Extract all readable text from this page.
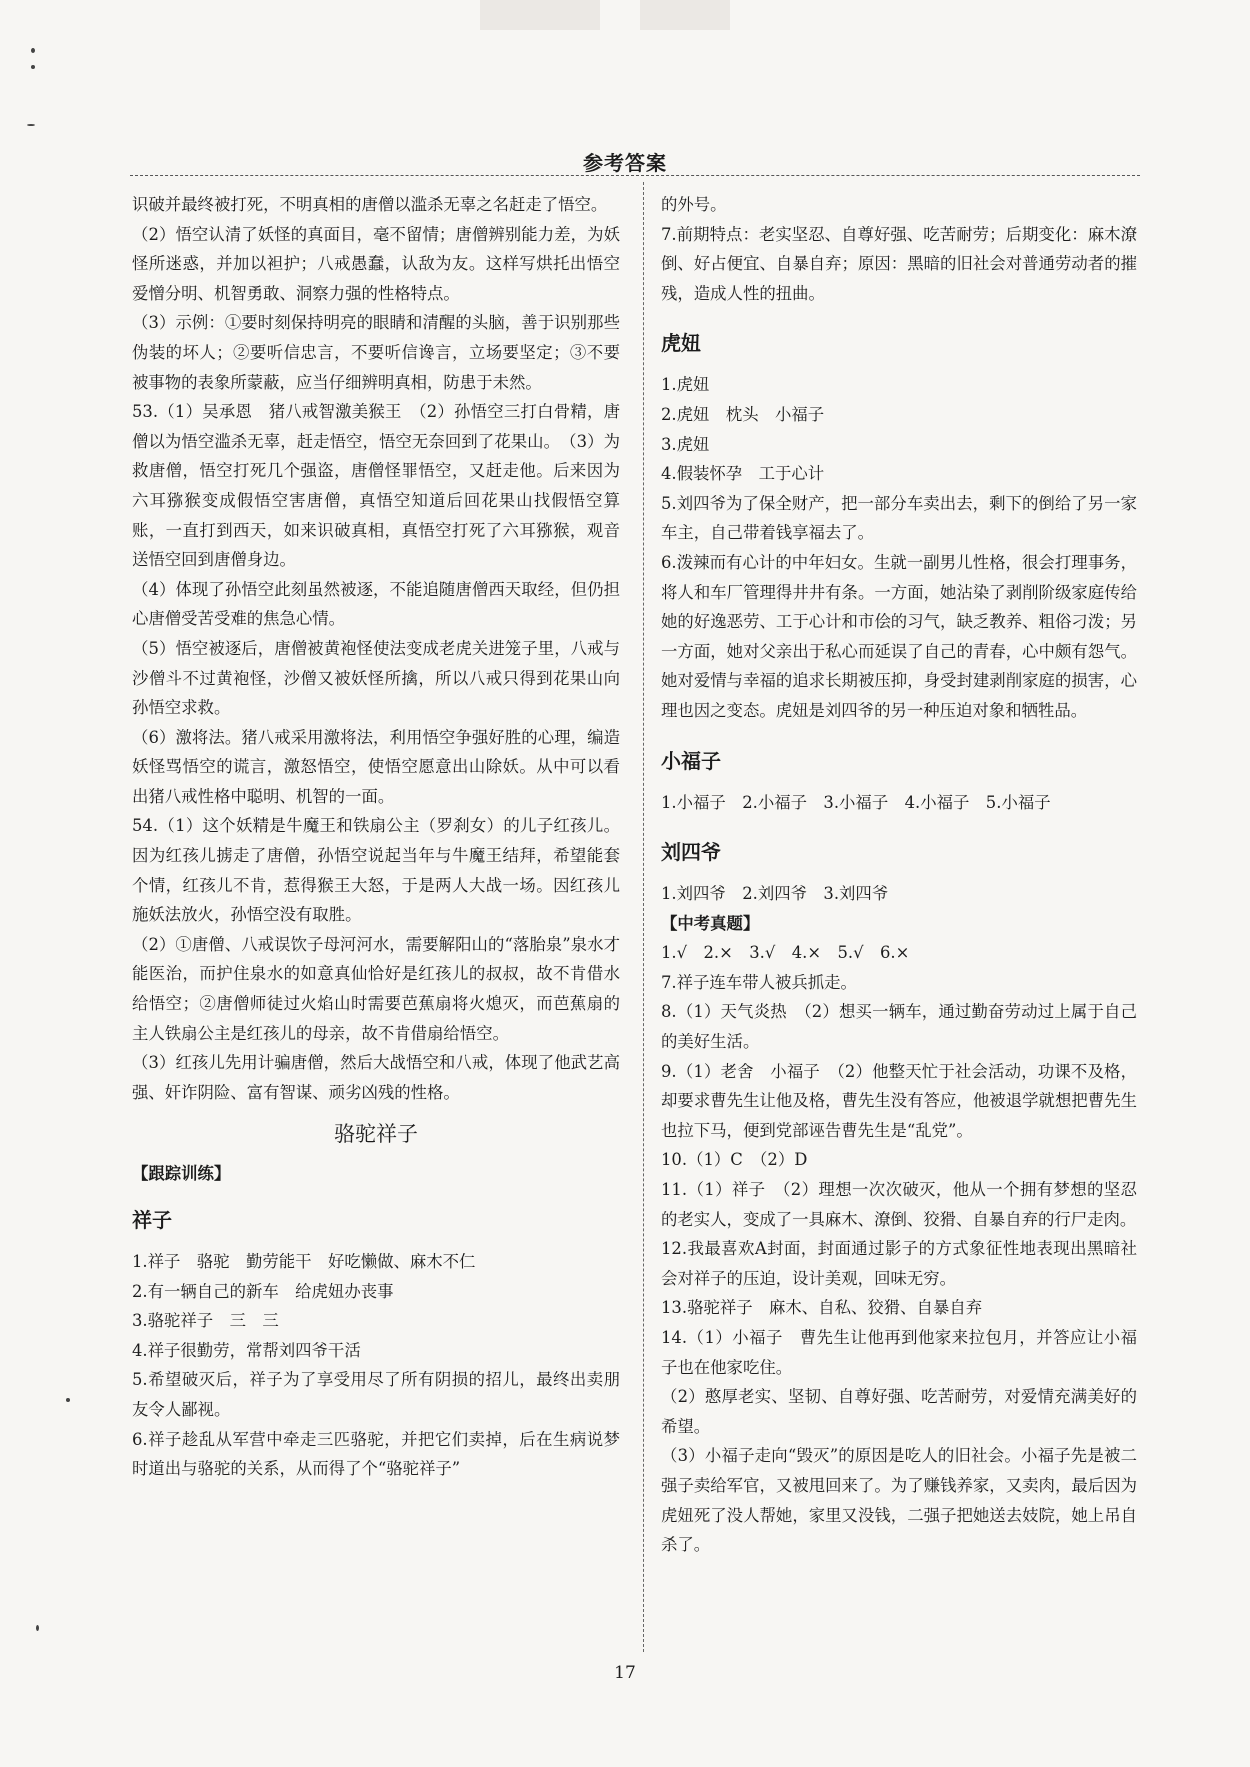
参考答案

识破并最终被打死，不明真相的唐僧以滥杀无辜之名赶走了悟空。

（2）悟空认清了妖怪的真面目，毫不留情；唐僧辨别能力差，为妖怪所迷惑，并加以袒护；八戒愚蠢，认敌为友。这样写烘托出悟空爱憎分明、机智勇敢、洞察力强的性格特点。

（3）示例：①要时刻保持明亮的眼睛和清醒的头脑，善于识别那些伪装的坏人；②要听信忠言，不要听信谗言，立场要坚定；③不要被事物的表象所蒙蔽，应当仔细辨明真相，防患于未然。

53.（1）吴承恩　猪八戒智激美猴王　（2）孙悟空三打白骨精，唐僧以为悟空滥杀无辜，赶走悟空，悟空无奈回到了花果山。　（3）为救唐僧，悟空打死几个强盗，唐僧怪罪悟空，又赶走他。后来因为六耳猕猴变成假悟空害唐僧，真悟空知道后回花果山找假悟空算账，一直打到西天，如来识破真相，真悟空打死了六耳猕猴，观音送悟空回到唐僧身边。

（4）体现了孙悟空此刻虽然被逐，不能追随唐僧西天取经，但仍担心唐僧受苦受难的焦急心情。

（5）悟空被逐后，唐僧被黄袍怪使法变成老虎关进笼子里，八戒与沙僧斗不过黄袍怪，沙僧又被妖怪所擒，所以八戒只得到花果山向孙悟空求救。

（6）激将法。猪八戒采用激将法，利用悟空争强好胜的心理，编造妖怪骂悟空的谎言，激怒悟空，使悟空愿意出山除妖。从中可以看出猪八戒性格中聪明、机智的一面。

54.（1）这个妖精是牛魔王和铁扇公主（罗刹女）的儿子红孩儿。因为红孩儿掳走了唐僧，孙悟空说起当年与牛魔王结拜，希望能套个情，红孩儿不肯，惹得猴王大怒，于是两人大战一场。因红孩儿施妖法放火，孙悟空没有取胜。

（2）①唐僧、八戒误饮子母河河水，需要解阳山的“落胎泉”泉水才能医治，而护住泉水的如意真仙恰好是红孩儿的叔叔，故不肯借水给悟空；②唐僧师徒过火焰山时需要芭蕉扇将火熄灭，而芭蕉扇的主人铁扇公主是红孩儿的母亲，故不肯借扇给悟空。

（3）红孩儿先用计骗唐僧，然后大战悟空和八戒，体现了他武艺高强、奸诈阴险、富有智谋、顽劣凶残的性格。

骆驼祥子
【跟踪训练】
祥子

1.祥子　骆驼　勤劳能干　好吃懒做、麻木不仁

2.有一辆自己的新车　给虎妞办丧事

3.骆驼祥子　三　三

4.祥子很勤劳，常帮刘四爷干活

5.希望破灭后，祥子为了享受用尽了所有阴损的招儿，最终出卖朋友令人鄙视。

6.祥子趁乱从军营中牵走三匹骆驼，并把它们卖掉，后在生病说梦时道出与骆驼的关系，从而得了个“骆驼祥子”

的外号。

7.前期特点：老实坚忍、自尊好强、吃苦耐劳；后期变化：麻木潦倒、好占便宜、自暴自弃；原因：黑暗的旧社会对普通劳动者的摧残，造成人性的扭曲。

虎妞

1.虎妞

2.虎妞　枕头　小福子

3.虎妞

4.假装怀孕　工于心计

5.刘四爷为了保全财产，把一部分车卖出去，剩下的倒给了另一家车主，自己带着钱享福去了。

6.泼辣而有心计的中年妇女。生就一副男儿性格，很会打理事务，将人和车厂管理得井井有条。一方面，她沾染了剥削阶级家庭传给她的好逸恶劳、工于心计和市侩的习气，缺乏教养、粗俗刁泼；另一方面，她对父亲出于私心而延误了自己的青春，心中颇有怨气。她对爱情与幸福的追求长期被压抑，身受封建剥削家庭的损害，心理也因之变态。虎妞是刘四爷的另一种压迫对象和牺牲品。

小福子

1.小福子　2.小福子　3.小福子　4.小福子　5.小福子

刘四爷

1.刘四爷　2.刘四爷　3.刘四爷

【中考真题】

1.√　2.×　3.√　4.×　5.√　6.×

7.祥子连车带人被兵抓走。

8.（1）天气炎热　（2）想买一辆车，通过勤奋劳动过上属于自己的美好生活。

9.（1）老舍　小福子　（2）他整天忙于社会活动，功课不及格，却要求曹先生让他及格，曹先生没有答应，他被退学就想把曹先生也拉下马，便到党部诬告曹先生是“乱党”。

10.（1）C　（2）D

11.（1）祥子　（2）理想一次次破灭，他从一个拥有梦想的坚忍的老实人，变成了一具麻木、潦倒、狡猾、自暴自弃的行尸走肉。

12.我最喜欢A封面，封面通过影子的方式象征性地表现出黑暗社会对祥子的压迫，设计美观，回味无穷。

13.骆驼祥子　麻木、自私、狡猾、自暴自弃

14.（1）小福子　曹先生让他再到他家来拉包月，并答应让小福子也在他家吃住。

（2）憨厚老实、坚韧、自尊好强、吃苦耐劳，对爱情充满美好的希望。

（3）小福子走向“毁灭”的原因是吃人的旧社会。小福子先是被二强子卖给军官，又被甩回来了。为了赚钱养家，又卖肉，最后因为虎妞死了没人帮她，家里又没钱，二强子把她送去妓院，她上吊自杀了。

17
